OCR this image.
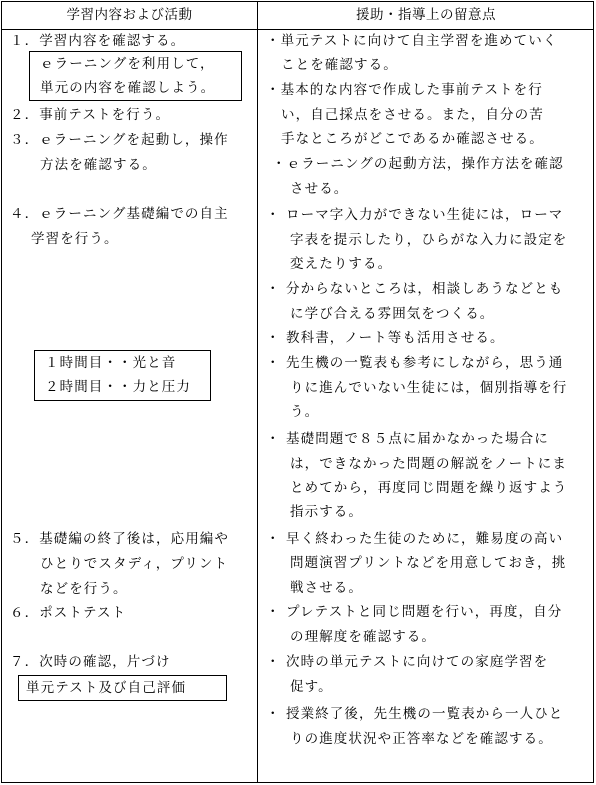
学習内容および活動	援助・指導上の留意点
１．学習内容を確認する。
ｅラーニングを利用して，
単元の内容を確認しよう。
２．事前テストを行う。
３．ｅラーニングを起動し，操作
方法を確認する。
４．ｅラーニング基礎編での自主
学習を行う。
１時間目・・光と音
２時間目・・力と圧力
５．基礎編の終了後は，応用編や
ひとりでスタディ，プリント
などを行う。
６．ポストテスト
７．次時の確認，片づけ
単元テスト及び自己評価
・単元テストに向けて自主学習を進めていく
ことを確認する。
・基本的な内容で作成した事前テストを行
い，自己採点をさせる。また，自分の苦
手なところがどこであるか確認させる。
・ｅラーニングの起動方法，操作方法を確認
させる。
・ ローマ字入力ができない生徒には，ローマ
字表を提示したり，ひらがな入力に設定を
変えたりする。
・ 分からないところは，相談しあうなどとも
に学び合える雰囲気をつくる。
・ 教科書，ノート等も活用させる。
・ 先生機の一覧表も参考にしながら，思う通
りに進んでいない生徒には，個別指導を行
う。
・ 基礎問題で８５点に届かなかった場合に
は，できなかった問題の解説をノートにま
とめてから，再度同じ問題を繰り返すよう
指示する。
・ 早く終わった生徒のために，難易度の高い
問題演習プリントなどを用意しておき，挑
戦させる。
・ プレテストと同じ問題を行い，再度，自分
の理解度を確認する。
・ 次時の単元テストに向けての家庭学習を
促す。
・ 授業終了後，先生機の一覧表から一人ひと
りの進度状況や正答率などを確認する。
